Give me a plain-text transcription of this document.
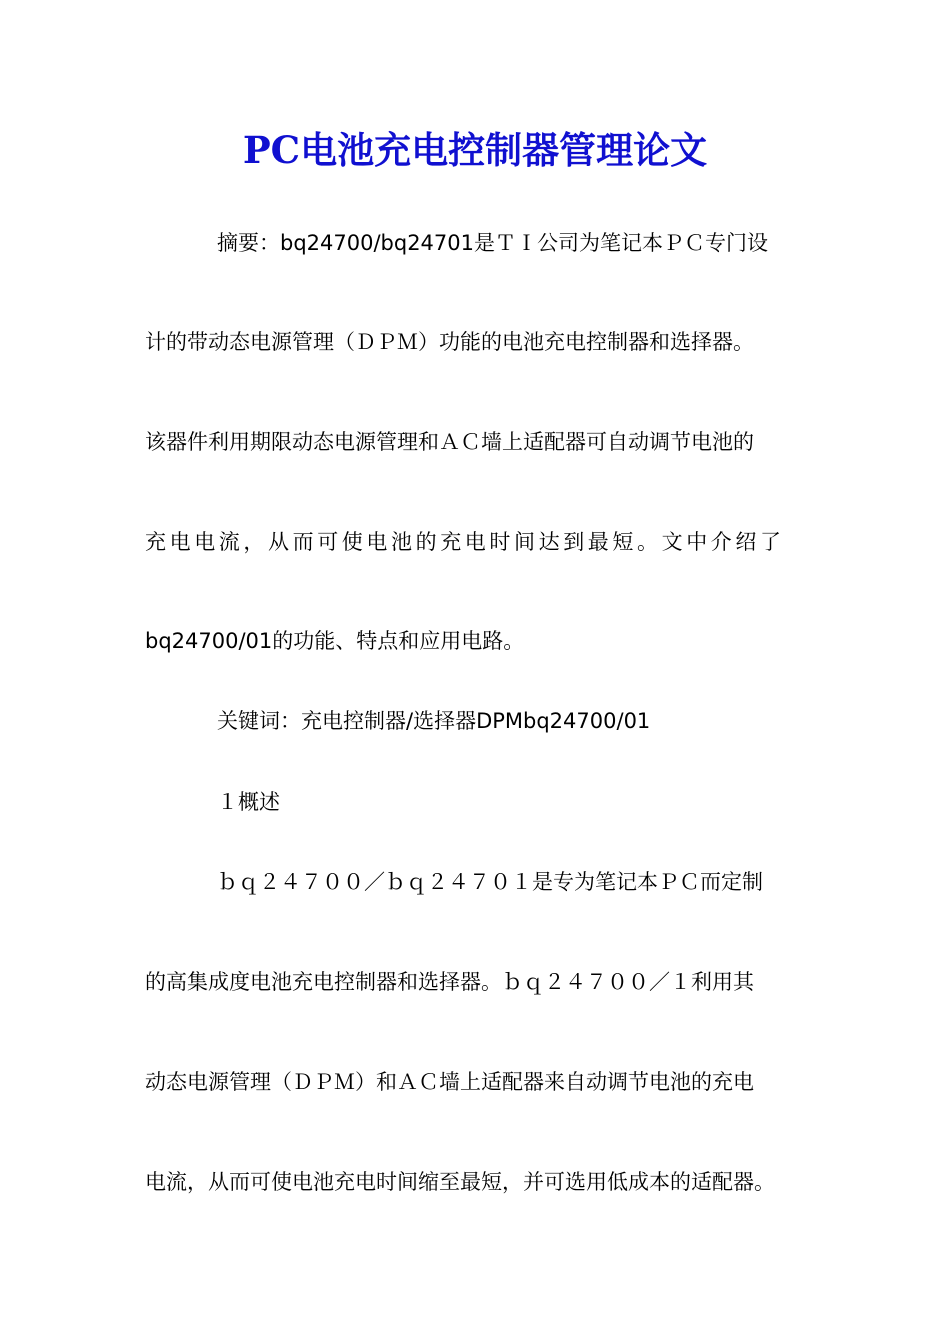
PC电池充电控制器管理论文
摘要：bq24700/bq24701是ＴＩ公司为笔记本ＰＣ专门设
计的带动态电源管理（ＤＰＭ）功能的电池充电控制器和选择器。
该器件利用期限动态电源管理和ＡＣ墙上适配器可自动调节电池的
充电电流，从而可使电池的充电时间达到最短。文中介绍了
bq24700/01的功能、特点和应用电路。
关键词：充电控制器/选择器DPMbq24700/01
１概述
ｂｑ２４７００／ｂｑ２４７０１是专为笔记本ＰＣ而定制
的高集成度电池充电控制器和选择器。ｂｑ２４７００／１利用其
动态电源管理（ＤＰＭ）和ＡＣ墙上适配器来自动调节电池的充电
电流，从而可使电池充电时间缩至最短，并可选用低成本的适配器。
